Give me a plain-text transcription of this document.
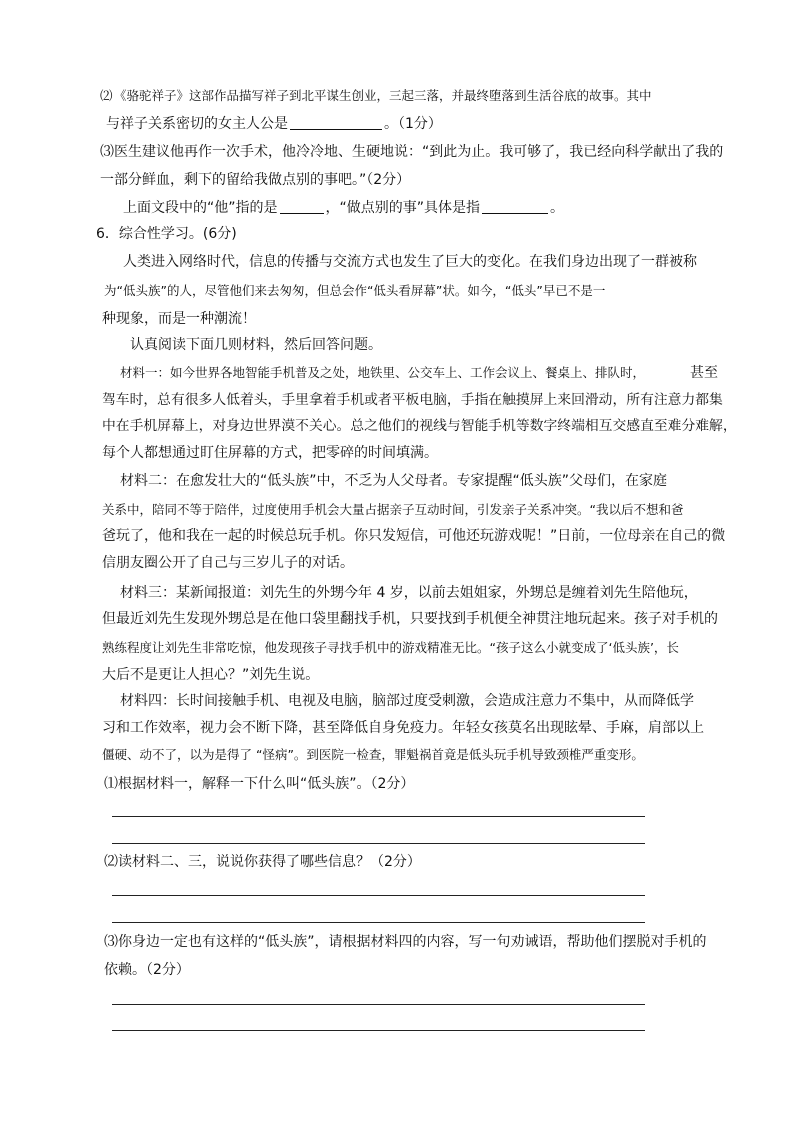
⑵ 《骆驼祥子》这部作品描写祥子到北平谋生创业，三起三落，并最终堕落到生活谷底的故事。其中
与祥子关系密切的女主人公是	。（1分）
⑶ 医生建议他再作一次手术，他冷冷地、生硬地说：“到此为止。我可够了，我已经向科学献出了我的
一部分鲜血，剩下的留给我做点别的事吧。”（2分）
上面文段中的“他”指的是	，“做点别的事”具体是指	。
6．综合性学习。(6分)
人类进入网络时代，信息的传播与交流方式也发生了巨大的变化。在我们身边出现了一群被称
为“低头族”的人，尽管他们来去匆匆，但总会作“低头看屏幕”状。如今，“低头”早已不是一
种现象，而是一种潮流！
认真阅读下面几则材料，然后回答问题。
材料一：如今世界各地智能手机普及之处，地铁里、公交车上、工作会议上、餐桌上、排队时，	甚至
驾车时，总有很多人低着头，手里拿着手机或者平板电脑，手指在触摸屏上来回滑动，所有注意力都集
中在手机屏幕上，对身边世界漠不关心。总之他们的视线与智能手机等数字终端相互交感直至难分难解，
每个人都想通过盯住屏幕的方式，把零碎的时间填满。
材料二：在愈发壮大的“低头族”中，不乏为人父母者。专家提醒“低头族”父母们，在家庭
关系中，陪同不等于陪伴，过度使用手机会大量占据亲子互动时间，引发亲子关系冲突。“我以后不想和爸
爸玩了，他和我在一起的时候总玩手机。你只发短信，可他还玩游戏呢！”日前，一位母亲在自己的微
信朋友圈公开了自己与三岁儿子的对话。
材料三：某新闻报道：刘先生的外甥今年 4 岁，以前去姐姐家，外甥总是缠着刘先生陪他玩，
但最近刘先生发现外甥总是在他口袋里翻找手机，只要找到手机便全神贯注地玩起来。孩子对手机的
熟练程度让刘先生非常吃惊，他发现孩子寻找手机中的游戏精准无比。“孩子这么小就变成了‘低头族’，长
大后不是更让人担心？”刘先生说。
材料四：长时间接触手机、电视及电脑，脑部过度受刺激，会造成注意力不集中，从而降低学
习和工作效率，视力会不断下降，甚至降低自身免疫力。年轻女孩莫名出现眩晕、手麻，肩部以上
僵硬、动不了，以为是得了 “怪病”。到医院一检查，罪魁祸首竟是低头玩手机导致颈椎严重变形。
⑴ 根据材料一，解释一下什么叫“低头族”。（2分）
⑵ 读材料二、三，说说你获得了哪些信息？（2分）
⑶ 你身边一定也有这样的“低头族”，请根据材料四的内容，写一句劝诫语，帮助他们摆脱对手机的
依赖。（2分）
